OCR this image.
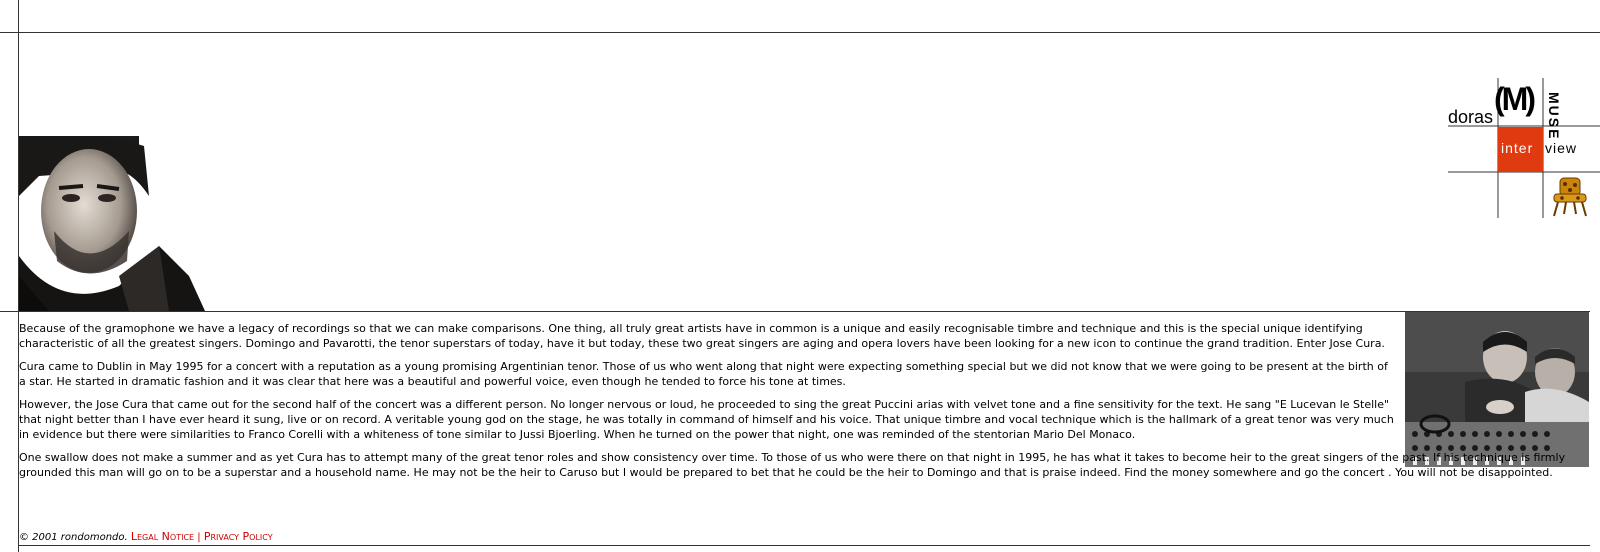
doras (M) MUSE
inter view

Because of the gramophone we have a legacy of recordings so that we can make comparisons. One thing, all truly great artists have in common is a unique and easily recognisable timbre and technique and this is the special unique identifying characteristic of all the greatest singers. Domingo and Pavarotti, the tenor superstars of today, have it but today, these two great singers are aging and opera lovers have been looking for a new icon to continue the grand tradition. Enter Jose Cura.

Cura came to Dublin in May 1995 for a concert with a reputation as a young promising Argentinian tenor. Those of us who went along that night were expecting something special but we did not know that we were going to be present at the birth of a star. He started in dramatic fashion and it was clear that here was a beautiful and powerful voice, even though he tended to force his tone at times.

However, the Jose Cura that came out for the second half of the concert was a different person. No longer nervous or loud, he proceeded to sing the great Puccini arias with velvet tone and a fine sensitivity for the text. He sang "E Lucevan le Stelle" that night better than I have ever heard it sung, live or on record. A veritable young god on the stage, he was totally in command of himself and his voice. That unique timbre and vocal technique which is the hallmark of a great tenor was very much in evidence but there were similarities to Franco Corelli with a whiteness of tone similar to Jussi Bjoerling. When he turned on the power that night, one was reminded of the stentorian Mario Del Monaco.

One swallow does not make a summer and as yet Cura has to attempt many of the great tenor roles and show consistency over time. To those of us who were there on that night in 1995, he has what it takes to become heir to the great singers of the past. If his technique is firmly grounded this man will go on to be a superstar and a household name. He may not be the heir to Caruso but I would be prepared to bet that he could be the heir to Domingo and that is praise indeed. Find the money somewhere and go the concert . You will not be disappointed.

© 2001 rondomondo. Legal Notice | Privacy Policy
